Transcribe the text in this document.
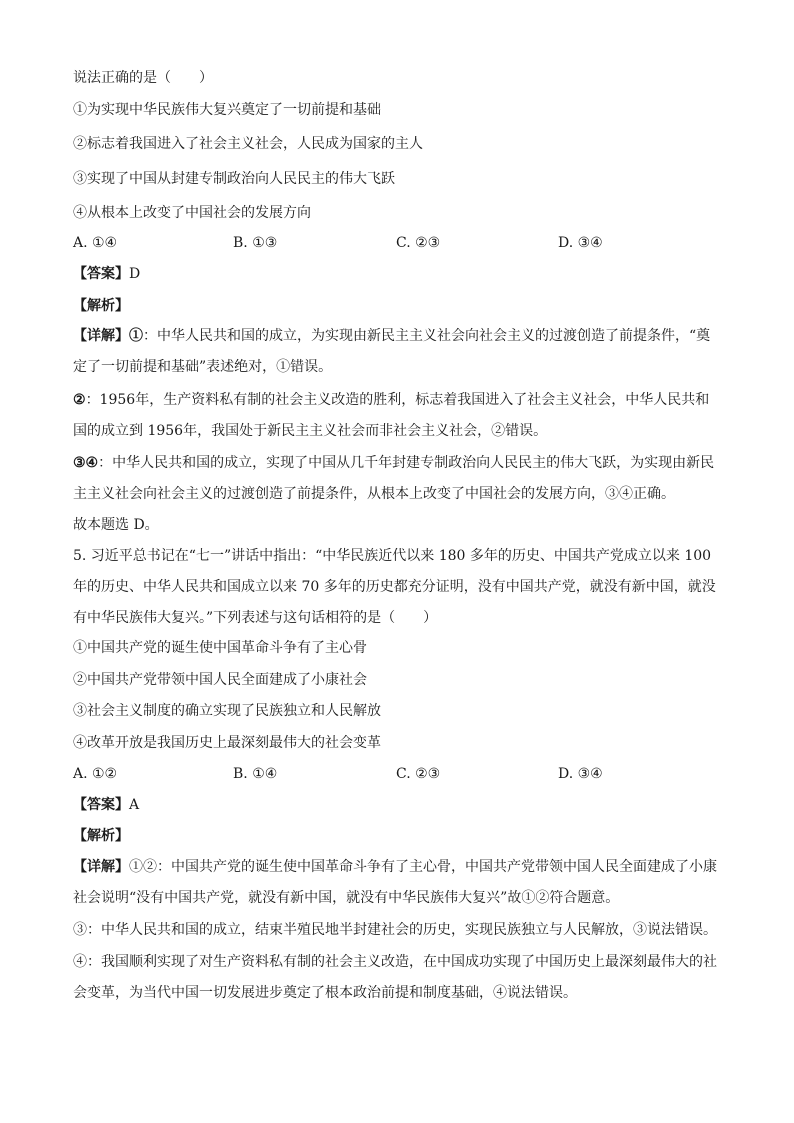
说法正确的是（　　）
①为实现中华民族伟大复兴奠定了一切前提和基础
②标志着我国进入了社会主义社会，人民成为国家的主人
③实现了中国从封建专制政治向人民民主的伟大飞跃
④从根本上改变了中国社会的发展方向
A. ①④	B. ①③	C. ②③	D. ③④
【答案】D
【解析】
【详解】①：中华人民共和国的成立，为实现由新民主主义社会向社会主义的过渡创造了前提条件，“奠
定了一切前提和基础”表述绝对，①错误。
②：1956年，生产资料私有制的社会主义改造的胜利，标志着我国进入了社会主义社会，中华人民共和
国的成立到 1956年，我国处于新民主主义社会而非社会主义社会，②错误。
③④：中华人民共和国的成立，实现了中国从几千年封建专制政治向人民民主的伟大飞跃，为实现由新民
主主义社会向社会主义的过渡创造了前提条件，从根本上改变了中国社会的发展方向，③④正确。
故本题选 D。
5. 习近平总书记在“七一”讲话中指出：“中华民族近代以来 180 多年的历史、中国共产党成立以来 100
年的历史、中华人民共和国成立以来 70 多年的历史都充分证明，没有中国共产党，就没有新中国，就没
有中华民族伟大复兴。”下列表述与这句话相符的是（　　）
①中国共产党的诞生使中国革命斗争有了主心骨
②中国共产党带领中国人民全面建成了小康社会
③社会主义制度的确立实现了民族独立和人民解放
④改革开放是我国历史上最深刻最伟大的社会变革
A. ①②	B. ①④	C. ②③	D. ③④
【答案】A
【解析】
【详解】①②：中国共产党的诞生使中国革命斗争有了主心骨，中国共产党带领中国人民全面建成了小康
社会说明“没有中国共产党，就没有新中国，就没有中华民族伟大复兴”故①②符合题意。
③：中华人民共和国的成立，结束半殖民地半封建社会的历史，实现民族独立与人民解放，③说法错误。
④：我国顺利实现了对生产资料私有制的社会主义改造，在中国成功实现了中国历史上最深刻最伟大的社
会变革，为当代中国一切发展进步奠定了根本政治前提和制度基础，④说法错误。
